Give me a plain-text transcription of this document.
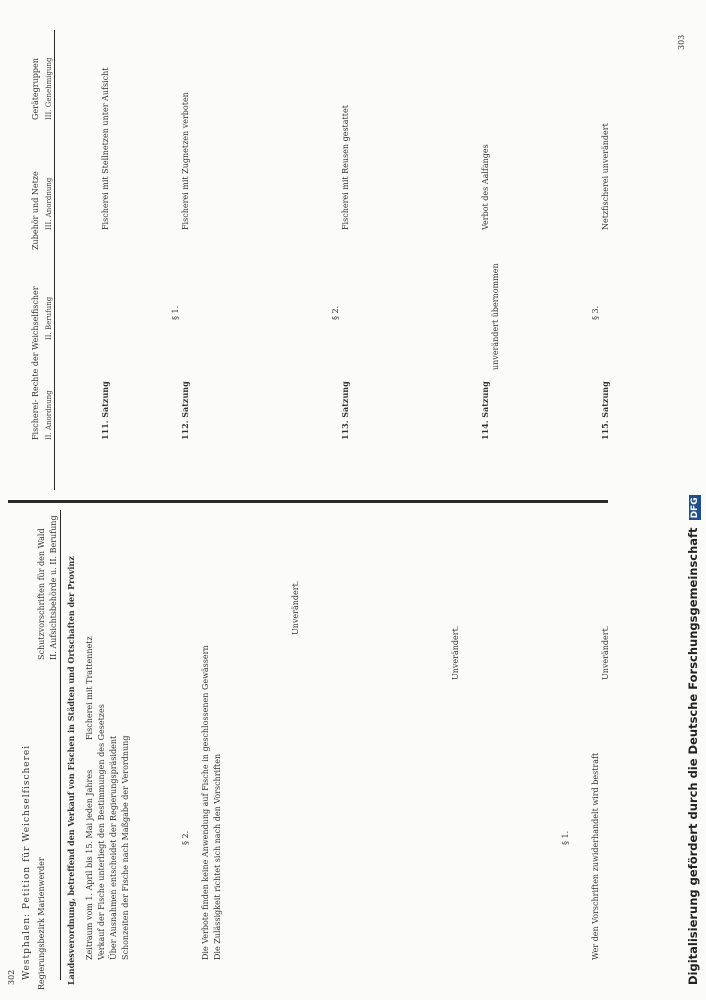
302
303
Westphalen: Petition für Weichselfischerei Regierungsbezirk Marienwerder
Schutzvorschriften für den Wald II. Aufsichtsbehörde u. II. Berufung Landesverordnung, betreffend den Verkauf von Fischen in Städten und Ortschaften der Provinz Zeitraum vom 1. April bis 15. Mai jeden Jahres Verkauf der Fische unterliegt den Bestimmungen des Gesetzes Über Ausnahmen entscheidet der Regierungspräsident Schonzeiten der Fische nach Maßgabe der Verordnung
Fischerei mit Trattennetz
§ 2. Die Verbote finden keine Anwendung auf Fische in geschlossenen Gewässern Die Zulässigkeit richtet sich nach den Vorschriften
Unverändert.
Unverändert.	Unverändert.
§ 1.	Wer den Vorschriften zuwiderhandelt wird bestraft
Fischerei- Rechte der Weichselfischer
Zubehör und Netze
Gerätegruppen
II. Anordnung
II. Berufung
III. Anordnung
III. Genehmigung
111. Satzung
Fischerei mit Stellnetzen unter Aufsicht
112. Satzung
Fischerei mit Zugnetzen verboten
§ 1.
113. Satzung
Fischerei mit Reusen gestattet
§ 2.
114. Satzung
Verbot des Aalfanges
unverändert übernommen
115. Satzung
Netzfischerei unverändert
§ 3.
Digitalisierung gefördert durch die Deutsche Forschungsgemeinschaft DFG
